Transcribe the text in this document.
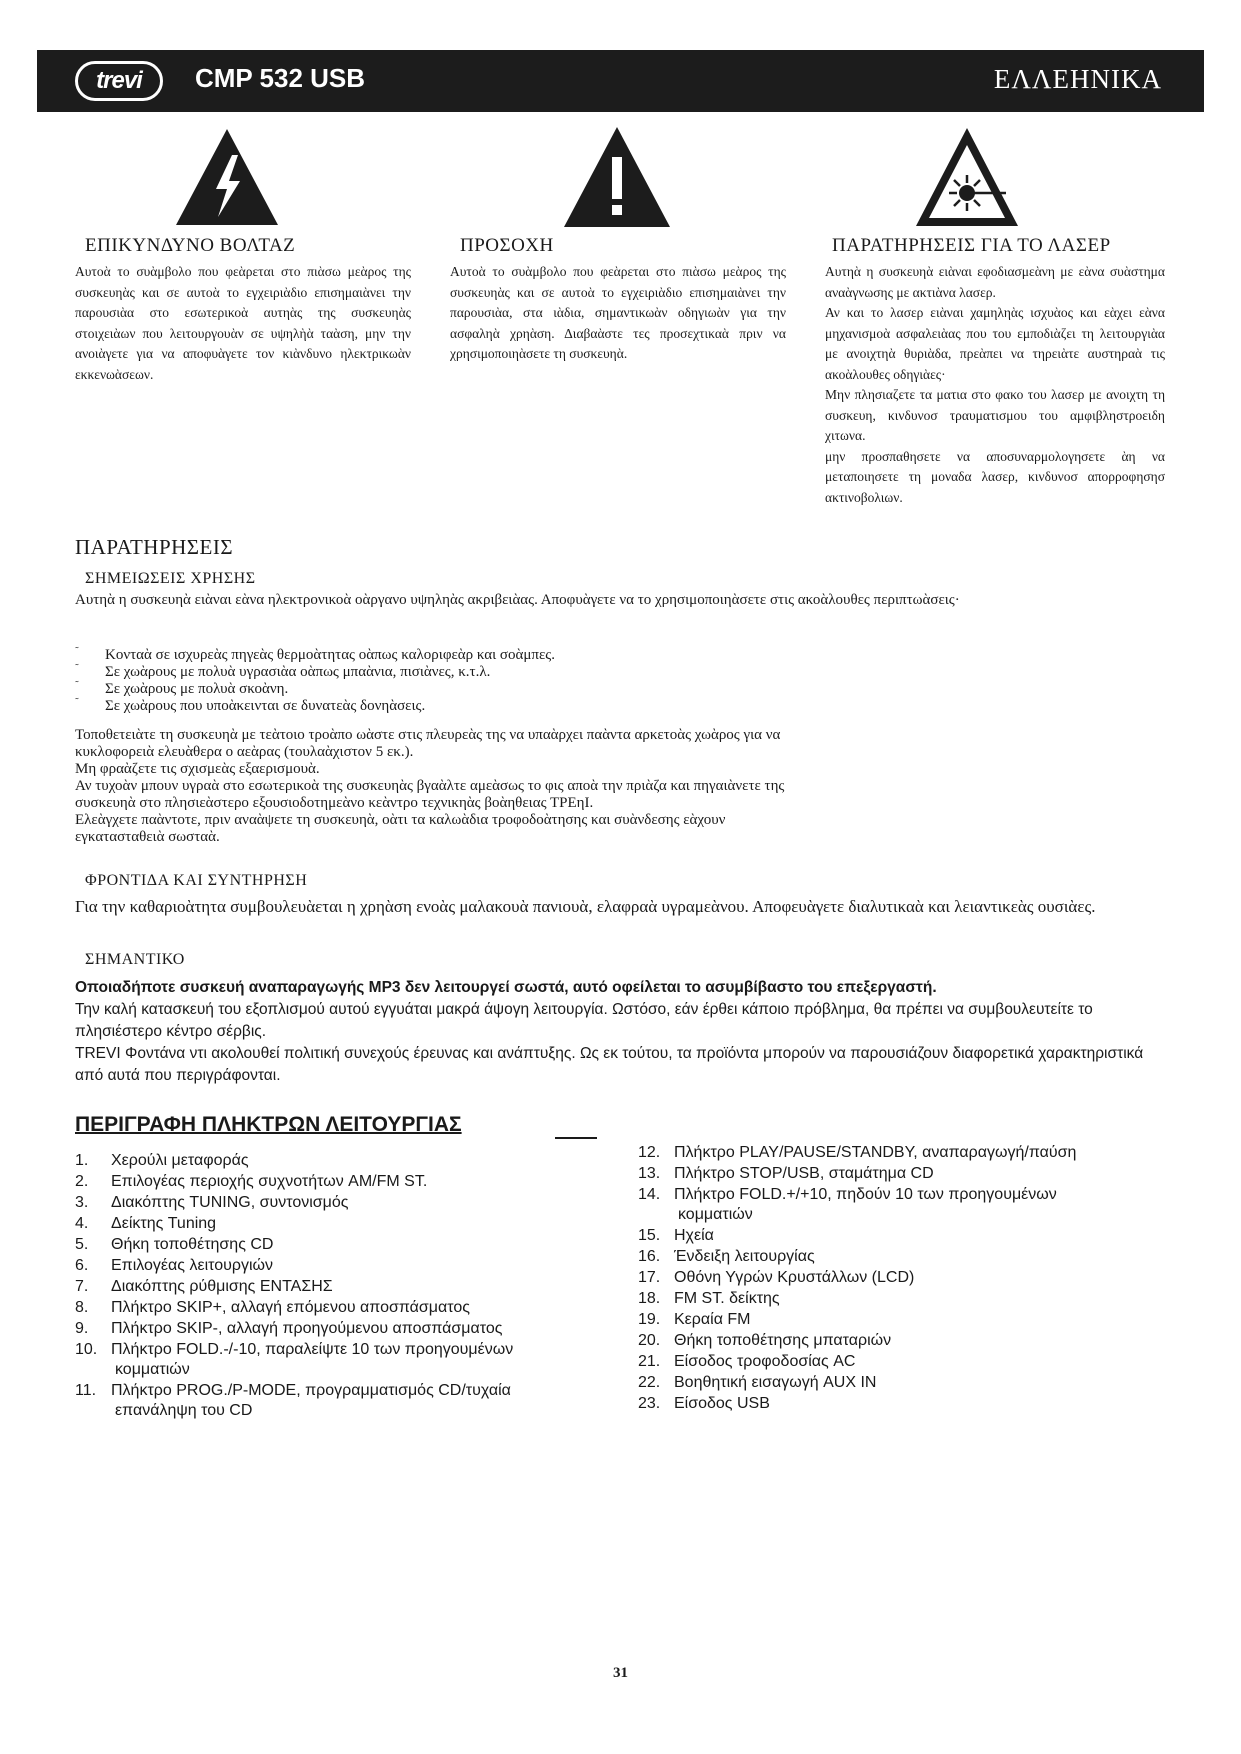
trevi	CMP 532 USB	ΕΛΛΕΗΝΙΚΑ
ΕΠΙΚΥΝΔΥΝΟ ΒΟΛΤΑΖ	ΠΡΟΣΟΧΗ	ΠΑΡΑΤΗΡΗΣΕΙΣ ΓΙΑ ΤΟ ΛΑΣΕΡ

Αυτοὰ το συὰμβολο που φεὰρεται στο πιὰσω μεὰρος της συσκευηὰς και σε αυτοὰ το εγχειριὰδιο επισημαιὰνει την παρουσιὰα στο εσωτερικοὰ αυτηὰς της συσκευηὰς στοιχειὰων που λειτουργουὰν σε υψηλὴὰ ταὰση, μην την ανοιὰγετε για να αποφυὰγετε τον κιὰνδυνο ηλεκτρικωὰν εκκενωὰσεων.

Αυτοὰ το συὰμβολο που φεὰρεται στο πιὰσω μεὰρος της συσκευηὰς και σε αυτοὰ το εγχειριὰδιο επισημαιὰνει την παρουσιὰα, στα ιὰδια, σημαντικωὰν οδηγιωὰν για την ασφαληὰ χρηὰση. Διαβαὰστε τες προσεχτικαὰ πριν να χρησιμοποιηὰσετε τη συσκευηὰ.

Αυτηὰ η συσκευηὰ ειὰναι εφοδιασμεὰνη με εὰνα συὰστημα αναὰγνωσης με ακτιὰνα λασερ.

Αν και το λασερ ειὰναι χαμηληὰς ισχυὰος και εὰχει εὰνα μηχανισμοὰ ασφαλειὰας που του εμποδιὰζει τη λειτουργιὰα με ανοιχτηὰ θυριὰδα, πρεὰπει να τηρειὰτε αυστηραὰ τις ακοὰλουθες οδηγιὰες·

Μην πλησιαζετε τα ματια στο φακο του λασερ με ανοιχτη τη συσκευη, κινδυνοσ τραυματισμου του αμφιβληστροειδη χιτωνα.

μην προσπαθησετε να αποσυναρμολογησετε ὰη να μεταποιησετε τη μοναδα λασερ, κινδυνοσ απορροφησησ ακτινοβολιων.

ΠΑΡΑΤΗΡΗΣΕΙΣ
ΣΗΜΕΙΩΣΕΙΣ ΧΡΗΣΗΣ
Αυτηὰ η συσκευηὰ ειὰναι εὰνα ηλεκτρονικοὰ οὰργανο υψηληὰς ακριβειὰας. Αποφυὰγετε να το χρησιμοποιηὰσετε στις ακοὰλουθες περιπτωὰσεις·
˜ Κονταὰ σε ισχυρεὰς πηγεὰς θερμοὰτητας οὰπως καλοριφεὰρ και σοὰμπες.
˜ Σε χωὰρους με πολυὰ υγρασιὰα οὰπως μπαὰνια, πισιὰνες, κ.τ.λ.
˜ Σε χωὰρους με πολυὰ σκοὰνη.
˜ Σε χωὰρους που υποὰκεινται σε δυνατεὰς δονηὰσεις.

Τοποθετειὰτε τη συσκευηὰ με τεὰτοιο τροὰπο ωὰστε στις πλευρεὰς της να υπαὰρχει παὰντα αρκετοὰς χωὰρος για να

κυκλοφορειὰ ελευὰθερα ο αεὰρας (τουλαὰχιστον 5 εκ.).

Μη φραὰζετε τις σχισμεὰς εξαερισμουὰ.

Αν τυχοὰν μπουν υγραὰ στο εσωτερικοὰ της συσκευηὰς βγαὰλτε αμεὰσως το φις αποὰ την πριὰζα και πηγαιὰνετε της

συσκευηὰ στο πλησιεὰστερο εξουσιοδοτημεὰνο κεὰντρο τεχνικηὰς βοὰηθειας ΤΡΕηΙ.

Ελεὰγχετε παὰντοτε, πριν αναὰψετε τη συσκευηὰ, οὰτι τα καλωὰδια τροφοδοὰτησης και συὰνδεσης εὰχουν

εγκατασταθειὰ σωσταὰ.

ΦΡΟΝΤΙΔΑ ΚΑΙ ΣΥΝΤΗΡΗΣΗ
Για την καθαριοὰτητα συμβουλευὰεται η χρηὰση ενοὰς μαλακουὰ πανιουὰ, ελαφραὰ υγραμεὰνου. Αποφευὰγετε διαλυτικαὰ και λειαντικεὰς ουσιὰες.
ΣΗΜΑΝΤΙΚΟ
Οποιαδήποτε συσκευή αναπαραγωγής MP3 δεν λειτουργεί σωστά, αυτό οφείλεται το ασυμβίβαστο του επεξεργαστή.
Την καλή κατασκευή του εξοπλισμού αυτού εγγυάται μακρά άψογη λειτουργία. Ωστόσο, εάν έρθει κάποιο πρόβλημα, θα πρέπει να συμβουλευτείτε το πλησιέστερο κέντρο σέρβις.
TREVI Φοντάνα ντι ακολουθεί πολιτική συνεχούς έρευνας και ανάπτυξης. Ως εκ τούτου, τα προϊόντα μπορούν να παρουσιάζουν διαφορετικά χαρακτηριστικά από αυτά που περιγράφονται.
ΠΕΡΙΓΡΑΦΗ ΠΛΗΚΤΡΩΝ ΛΕΙΤΟΥΡΓΙΑΣ
1.	Χερούλι μεταφοράς
2.	Επιλογέας περιοχής συχνοτήτων AM/FM ST.
3.	Διακόπτης TUNING, συντονισμός
4.	Δείκτης Tuning
5.	Θήκη τοποθέτησης CD
6.	Επιλογέας λειτουργιών
7.	Διακόπτης ρύθμισης ΕΝΤΑΣΗΣ
8.	Πλήκτρο SKIP+, αλλαγή επόμενου αποσπάσματος
9.	Πλήκτρο SKIP-, αλλαγή προηγούμενου αποσπάσματος
10. Πλήκτρο FOLD.-/-10, παραλείψτε 10 των προηγουμένων
κομματιών
11. Πλήκτρο PROG./P-MODE, προγραμματισμός CD/τυχαία
επανάληψη του CD
12. Πλήκτρο PLAY/PAUSE/STANDBY, αναπαραγωγή/παύση
13. Πλήκτρο STOP/USB, σταμάτημα CD
14. Πλήκτρο FOLD.+/+10, πηδούν 10 των προηγουμένων
κομματιών
15. Ηχεία
16. Ένδειξη λειτουργίας
17. Οθόνη Υγρών Κρυστάλλων (LCD)
18. FM ST. δείκτης
19. Κεραία FM
20. Θήκη τοποθέτησης μπαταριών
21. Είσοδος τροφοδοσίας AC
22. Βοηθητική εισαγωγή AUX IN
23. Είσοδος USB
31
